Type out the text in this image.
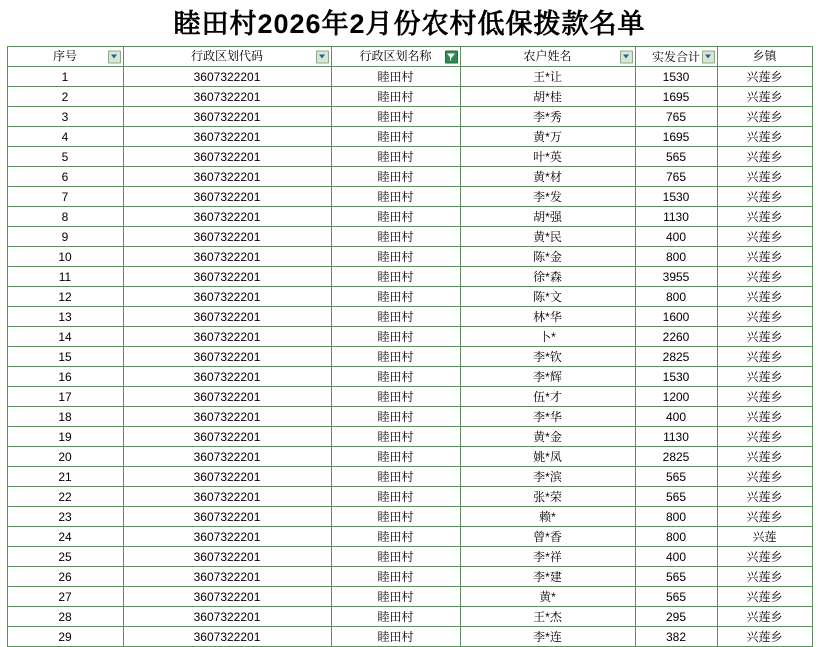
睦田村2026年2月份农村低保拨款名单
序号	行政区划代码	行政区划名称	农户姓名	实发合计	乡镇
1	3607322201	睦田村	王*让	1530	兴莲乡
2	3607322201	睦田村	胡*桂	1695	兴莲乡
3	3607322201	睦田村	李*秀	765	兴莲乡
4	3607322201	睦田村	黄*万	1695	兴莲乡
5	3607322201	睦田村	叶*英	565	兴莲乡
6	3607322201	睦田村	黄*材	765	兴莲乡
7	3607322201	睦田村	李*发	1530	兴莲乡
8	3607322201	睦田村	胡*强	1130	兴莲乡
9	3607322201	睦田村	黄*民	400	兴莲乡
10	3607322201	睦田村	陈*金	800	兴莲乡
11	3607322201	睦田村	徐*森	3955	兴莲乡
12	3607322201	睦田村	陈*文	800	兴莲乡
13	3607322201	睦田村	林*华	1600	兴莲乡
14	3607322201	睦田村	卜*	2260	兴莲乡
15	3607322201	睦田村	李*钦	2825	兴莲乡
16	3607322201	睦田村	李*辉	1530	兴莲乡
17	3607322201	睦田村	伍*才	1200	兴莲乡
18	3607322201	睦田村	李*华	400	兴莲乡
19	3607322201	睦田村	黄*金	1130	兴莲乡
20	3607322201	睦田村	姚*凤	2825	兴莲乡
21	3607322201	睦田村	李*滨	565	兴莲乡
22	3607322201	睦田村	张*荣	565	兴莲乡
23	3607322201	睦田村	赖*	800	兴莲乡
24	3607322201	睦田村	曾*香	800	兴莲
25	3607322201	睦田村	李*祥	400	兴莲乡
26	3607322201	睦田村	李*建	565	兴莲乡
27	3607322201	睦田村	黄*	565	兴莲乡
28	3607322201	睦田村	王*杰	295	兴莲乡
29	3607322201	睦田村	李*连	382	兴莲乡
